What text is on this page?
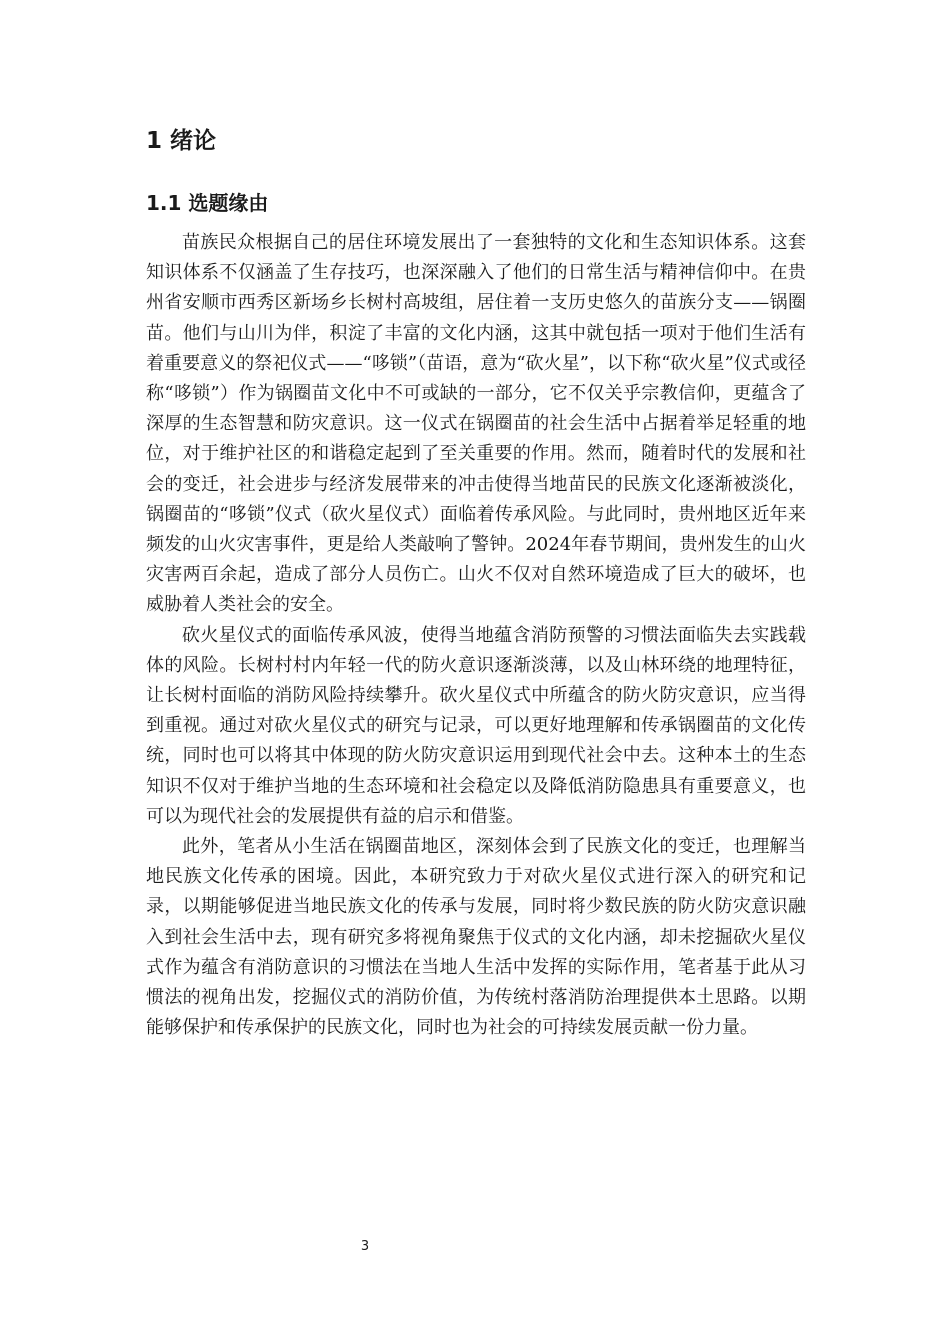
1 绪论
1.1 选题缘由

苗族民众根据自己的居住环境发展出了一套独特的文化和生态知识体系。这套知识体系不仅涵盖了生存技巧，也深深融入了他们的日常生活与精神信仰中。在贵州省安顺市西秀区新场乡长树村高坡组，居住着一支历史悠久的苗族分支——锅圈苗。他们与山川为伴，积淀了丰富的文化内涵，这其中就包括一项对于他们生活有着重要意义的祭祀仪式——“哆锁”（苗语，意为“砍火星”，以下称“砍火星”仪式或径称“哆锁”）作为锅圈苗文化中不可或缺的一部分，它不仅关乎宗教信仰，更蕴含了深厚的生态智慧和防灾意识。这一仪式在锅圈苗的社会生活中占据着举足轻重的地位，对于维护社区的和谐稳定起到了至关重要的作用。然而，随着时代的发展和社会的变迁，社会进步与经济发展带来的冲击使得当地苗民的民族文化逐渐被淡化，锅圈苗的“哆锁”仪式（砍火星仪式）面临着传承风险。与此同时，贵州地区近年来频发的山火灾害事件，更是给人类敲响了警钟。2024年春节期间，贵州发生的山火灾害两百余起，造成了部分人员伤亡。山火不仅对自然环境造成了巨大的破坏，也威胁着人类社会的安全。

砍火星仪式的面临传承风波，使得当地蕴含消防预警的习惯法面临失去实践载体的风险。长树村村内年轻一代的防火意识逐渐淡薄，以及山林环绕的地理特征，让长树村面临的消防风险持续攀升。砍火星仪式中所蕴含的防火防灾意识，应当得到重视。通过对砍火星仪式的研究与记录，可以更好地理解和传承锅圈苗的文化传统，同时也可以将其中体现的防火防灾意识运用到现代社会中去。这种本土的生态知识不仅对于维护当地的生态环境和社会稳定以及降低消防隐患具有重要意义，也可以为现代社会的发展提供有益的启示和借鉴。

此外，笔者从小生活在锅圈苗地区，深刻体会到了民族文化的变迁，也理解当地民族文化传承的困境。因此，本研究致力于对砍火星仪式进行深入的研究和记录，以期能够促进当地民族文化的传承与发展，同时将少数民族的防火防灾意识融入到社会生活中去，现有研究多将视角聚焦于仪式的文化内涵，却未挖掘砍火星仪式作为蕴含有消防意识的习惯法在当地人生活中发挥的实际作用，笔者基于此从习惯法的视角出发，挖掘仪式的消防价值，为传统村落消防治理提供本土思路。以期能够保护和传承保护的民族文化，同时也为社会的可持续发展贡献一份力量。

3
